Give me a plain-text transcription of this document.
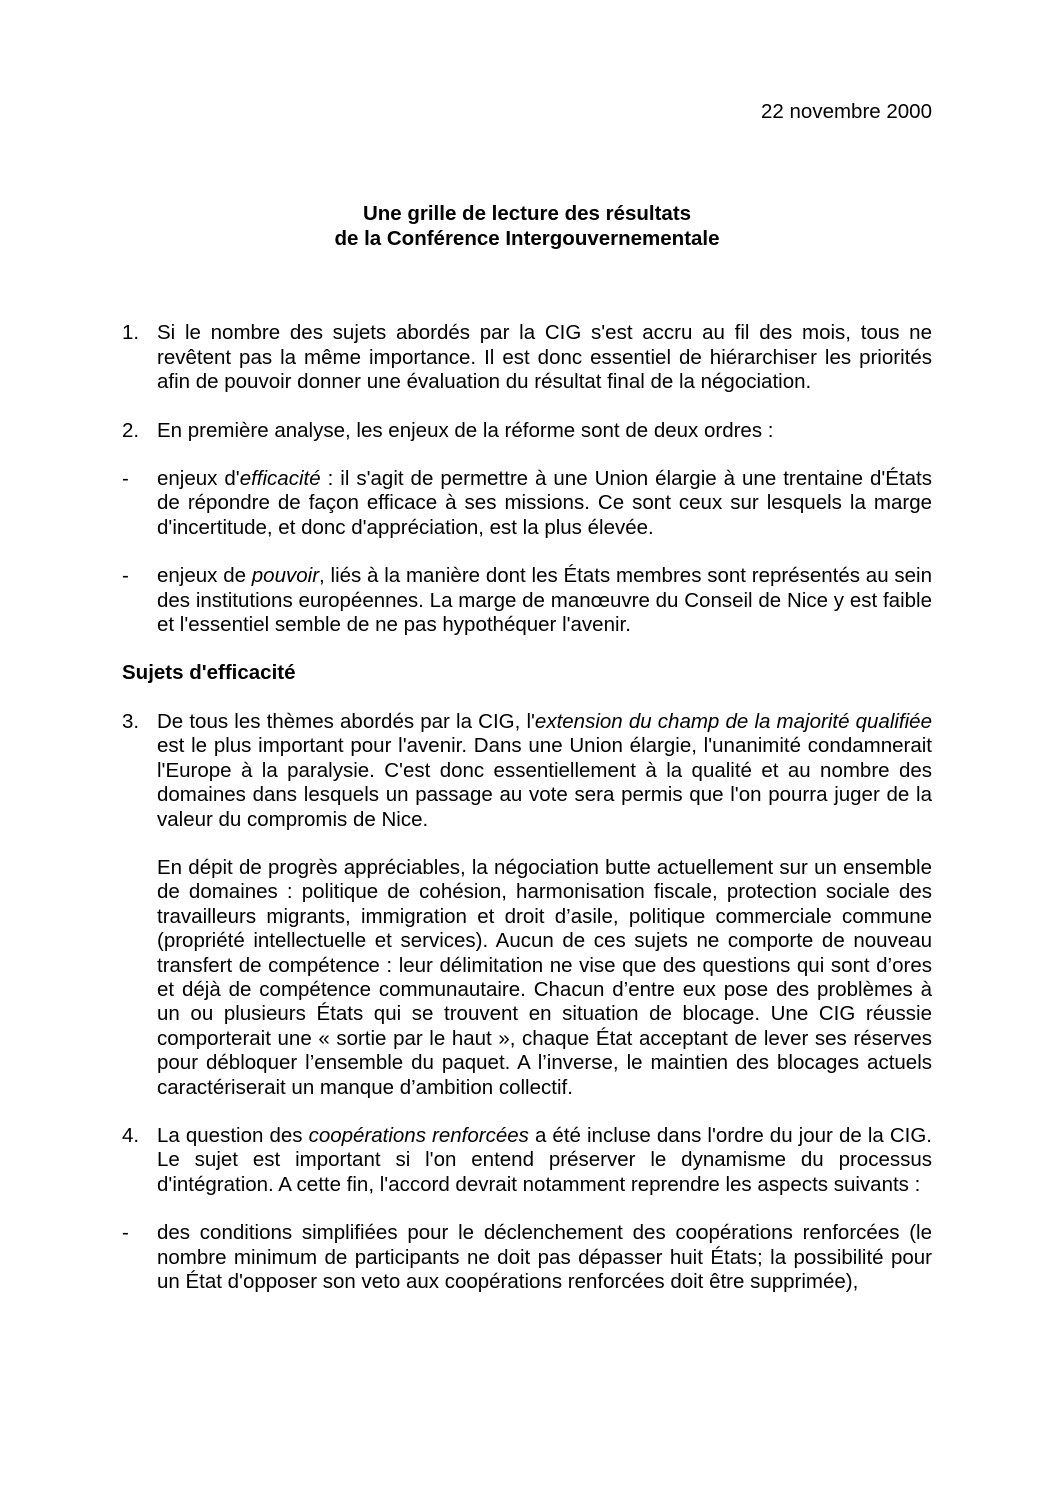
22 novembre 2000
Une grille de lecture des résultats
de la Conférence Intergouvernementale
1. Si le nombre des sujets abordés par la CIG s'est accru au fil des mois, tous ne revêtent pas la même importance. Il est donc essentiel de hiérarchiser les priorités afin de pouvoir donner une évaluation du résultat final de la négociation.
2. En première analyse, les enjeux de la réforme sont de deux ordres :
- enjeux d'efficacité : il s'agit de permettre à une Union élargie à une trentaine d'États de répondre de façon efficace à ses missions. Ce sont ceux sur lesquels la marge d'incertitude, et donc d'appréciation, est la plus élevée.

- enjeux de pouvoir, liés à la manière dont les États membres sont représentés au sein des institutions européennes. La marge de manœuvre du Conseil de Nice y est faible et l'essentiel semble de ne pas hypothéquer l'avenir.

Sujets d'efficacité
3. De tous les thèmes abordés par la CIG, l'extension du champ de la majorité qualifiée est le plus important pour l'avenir. Dans une Union élargie, l'unanimité condamnerait l'Europe à la paralysie. C'est donc essentiellement à la qualité et au nombre des domaines dans lesquels un passage au vote sera permis que l'on pourra juger de la valeur du compromis de Nice.

En dépit de progrès appréciables, la négociation butte actuellement sur un ensemble de domaines : politique de cohésion, harmonisation fiscale, protection sociale des travailleurs migrants, immigration et droit d’asile, politique commerciale commune (propriété intellectuelle et services). Aucun de ces sujets ne comporte de nouveau transfert de compétence : leur délimitation ne vise que des questions qui sont d’ores et déjà de compétence communautaire. Chacun d’entre eux pose des problèmes à un ou plusieurs États qui se trouvent en situation de blocage. Une CIG réussie comporterait une « sortie par le haut », chaque État acceptant de lever ses réserves pour débloquer l’ensemble du paquet. A l’inverse, le maintien des blocages actuels caractériserait un manque d’ambition collectif.
4. La question des coopérations renforcées a été incluse dans l'ordre du jour de la CIG. Le sujet est important si l'on entend préserver le dynamisme du processus d'intégration. A cette fin, l'accord devrait notamment reprendre les aspects suivants :

- des conditions simplifiées pour le déclenchement des coopérations renforcées (le nombre minimum de participants ne doit pas dépasser huit États; la possibilité pour un État d'opposer son veto aux coopérations renforcées doit être supprimée),
